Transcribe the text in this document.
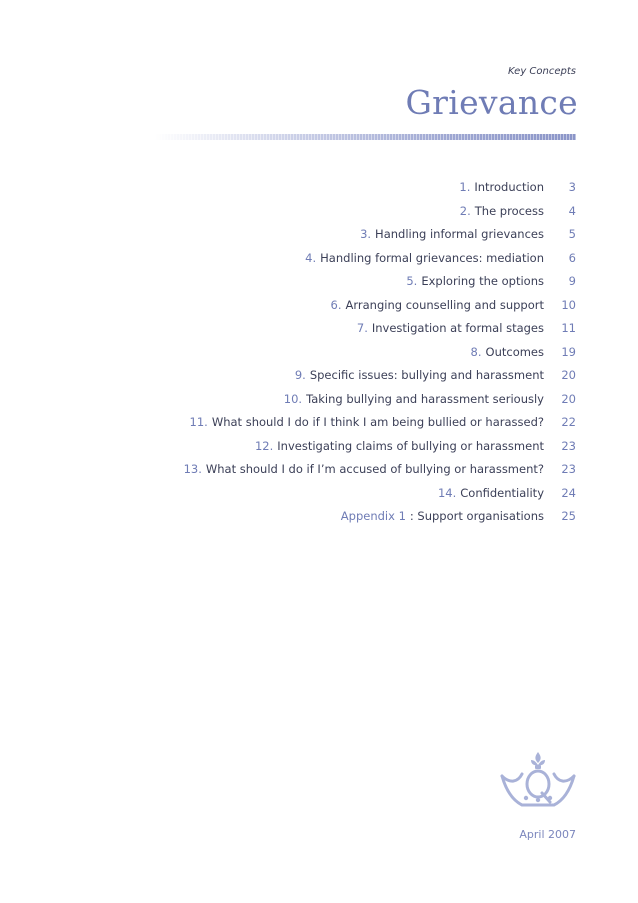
Key Concepts
Grievance
1. Introduction	3
2. The process	4
3. Handling informal grievances	5
4. Handling formal grievances: mediation	6
5. Exploring the options	9
6. Arranging counselling and support	10
7. Investigation at formal stages	11
8. Outcomes	19
9. Specific issues: bullying and harassment	20
10. Taking bullying and harassment seriously	20
11. What should I do if I think I am being bullied or harassed?	22
12. Investigating claims of bullying or harassment	23
13. What should I do if I’m accused of bullying or harassment?	23
14. Confidentiality	24
Appendix 1 : Support organisations	25
April 2007
